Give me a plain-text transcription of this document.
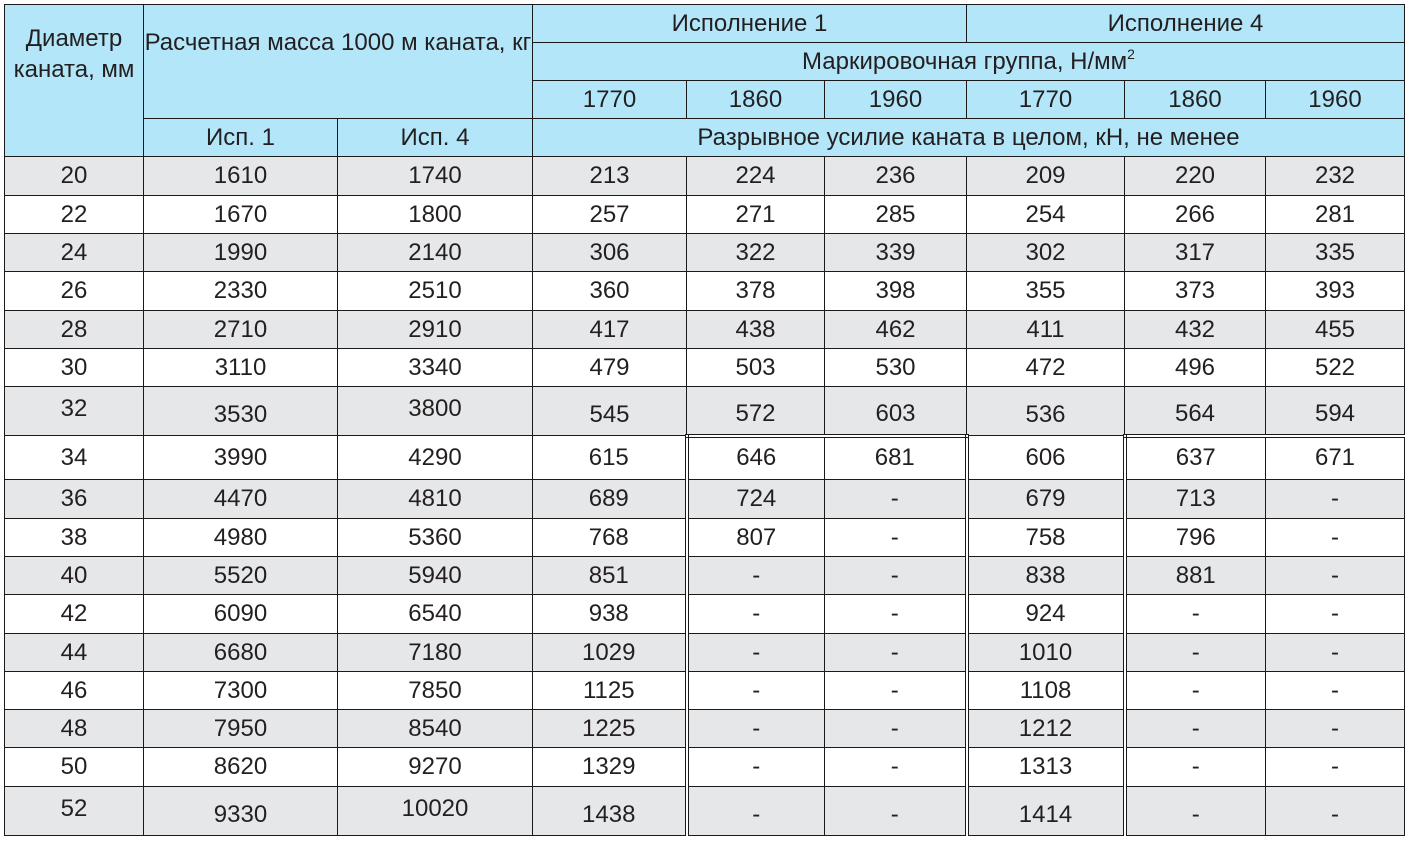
Диаметр каната, мм	Расчетная масса 1000 м каната, кг		Исполнение 1			Исполнение 4		
			Маркировочная группа, $Н/мм^2$
			1770	1860	1960	1770	1860	1960
	Исп. 1	Исп. 4	Разрывное усилие каната в целом, кН, не менее					
20	1610	1740	213	224	236	209	220	232
22	1670	1800	257	271	285	254	266	281
24	1990	2140	306	322	339	302	317	335
26	2330	2510	360	378	398	355	373	393
28	2710	2910	417	438	462	411	432	455
30	3110	3340	479	503	530	472	496	522
32	3530	3800	545	572	603	536	564	594
34	3990	4290	615	646	681	606	637	671
36	4470	4810	689	724	-	679	713	-
38	4980	5360	768	807	-	758	796	-
40	5520	5940	851	-	-	838	881	-
42	6090	6540	938	-	-	924	-	-
44	6680	7180	1029	-	-	1010	-	-
46	7300	7850	1125	-	-	1108	-	-
48	7950	8540	1225	-	-	1212	-	-
50	8620	9270	1329	-	-	1313	-	-
52	9330	10020	1438	-	-	1414	-	-
